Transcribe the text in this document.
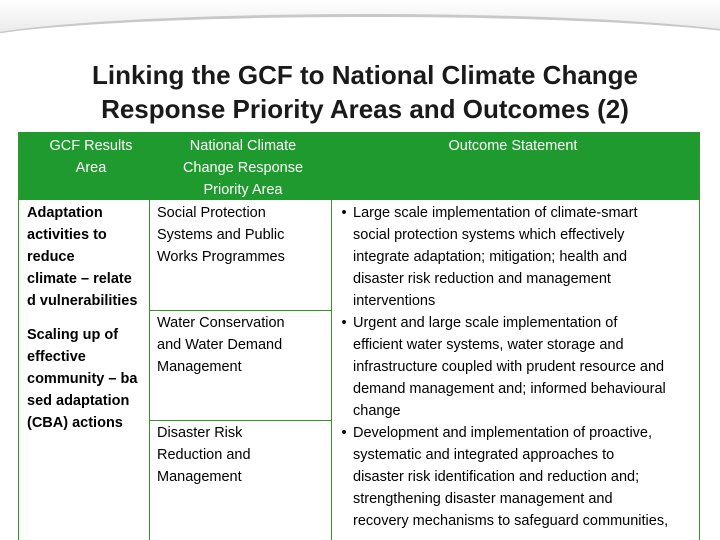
Linking the GCF to National Climate Change
Response Priority Areas and Outcomes (2)
GCF Results
Area
National Climate
Change Response
Priority Area
Outcome Statement
Adaptation
activities to
reduce
climate – relate
d vulnerabilities
Scaling up of
effective
community – ba
sed adaptation
(CBA) actions
Social Protection
Systems and Public
Works Programmes
Water Conservation
and Water Demand
Management
Disaster Risk
Reduction and
Management
• Large scale implementation of climate-smart
social protection systems which effectively
integrate adaptation; mitigation; health and
disaster risk reduction and management
interventions
• Urgent and large scale implementation of
efficient water systems, water storage and
infrastructure coupled with prudent resource and
demand management and; informed behavioural
change
• Development and implementation of proactive,
systematic and integrated approaches to
disaster risk identification and reduction and;
strengthening disaster management and
recovery mechanisms to safeguard communities,
